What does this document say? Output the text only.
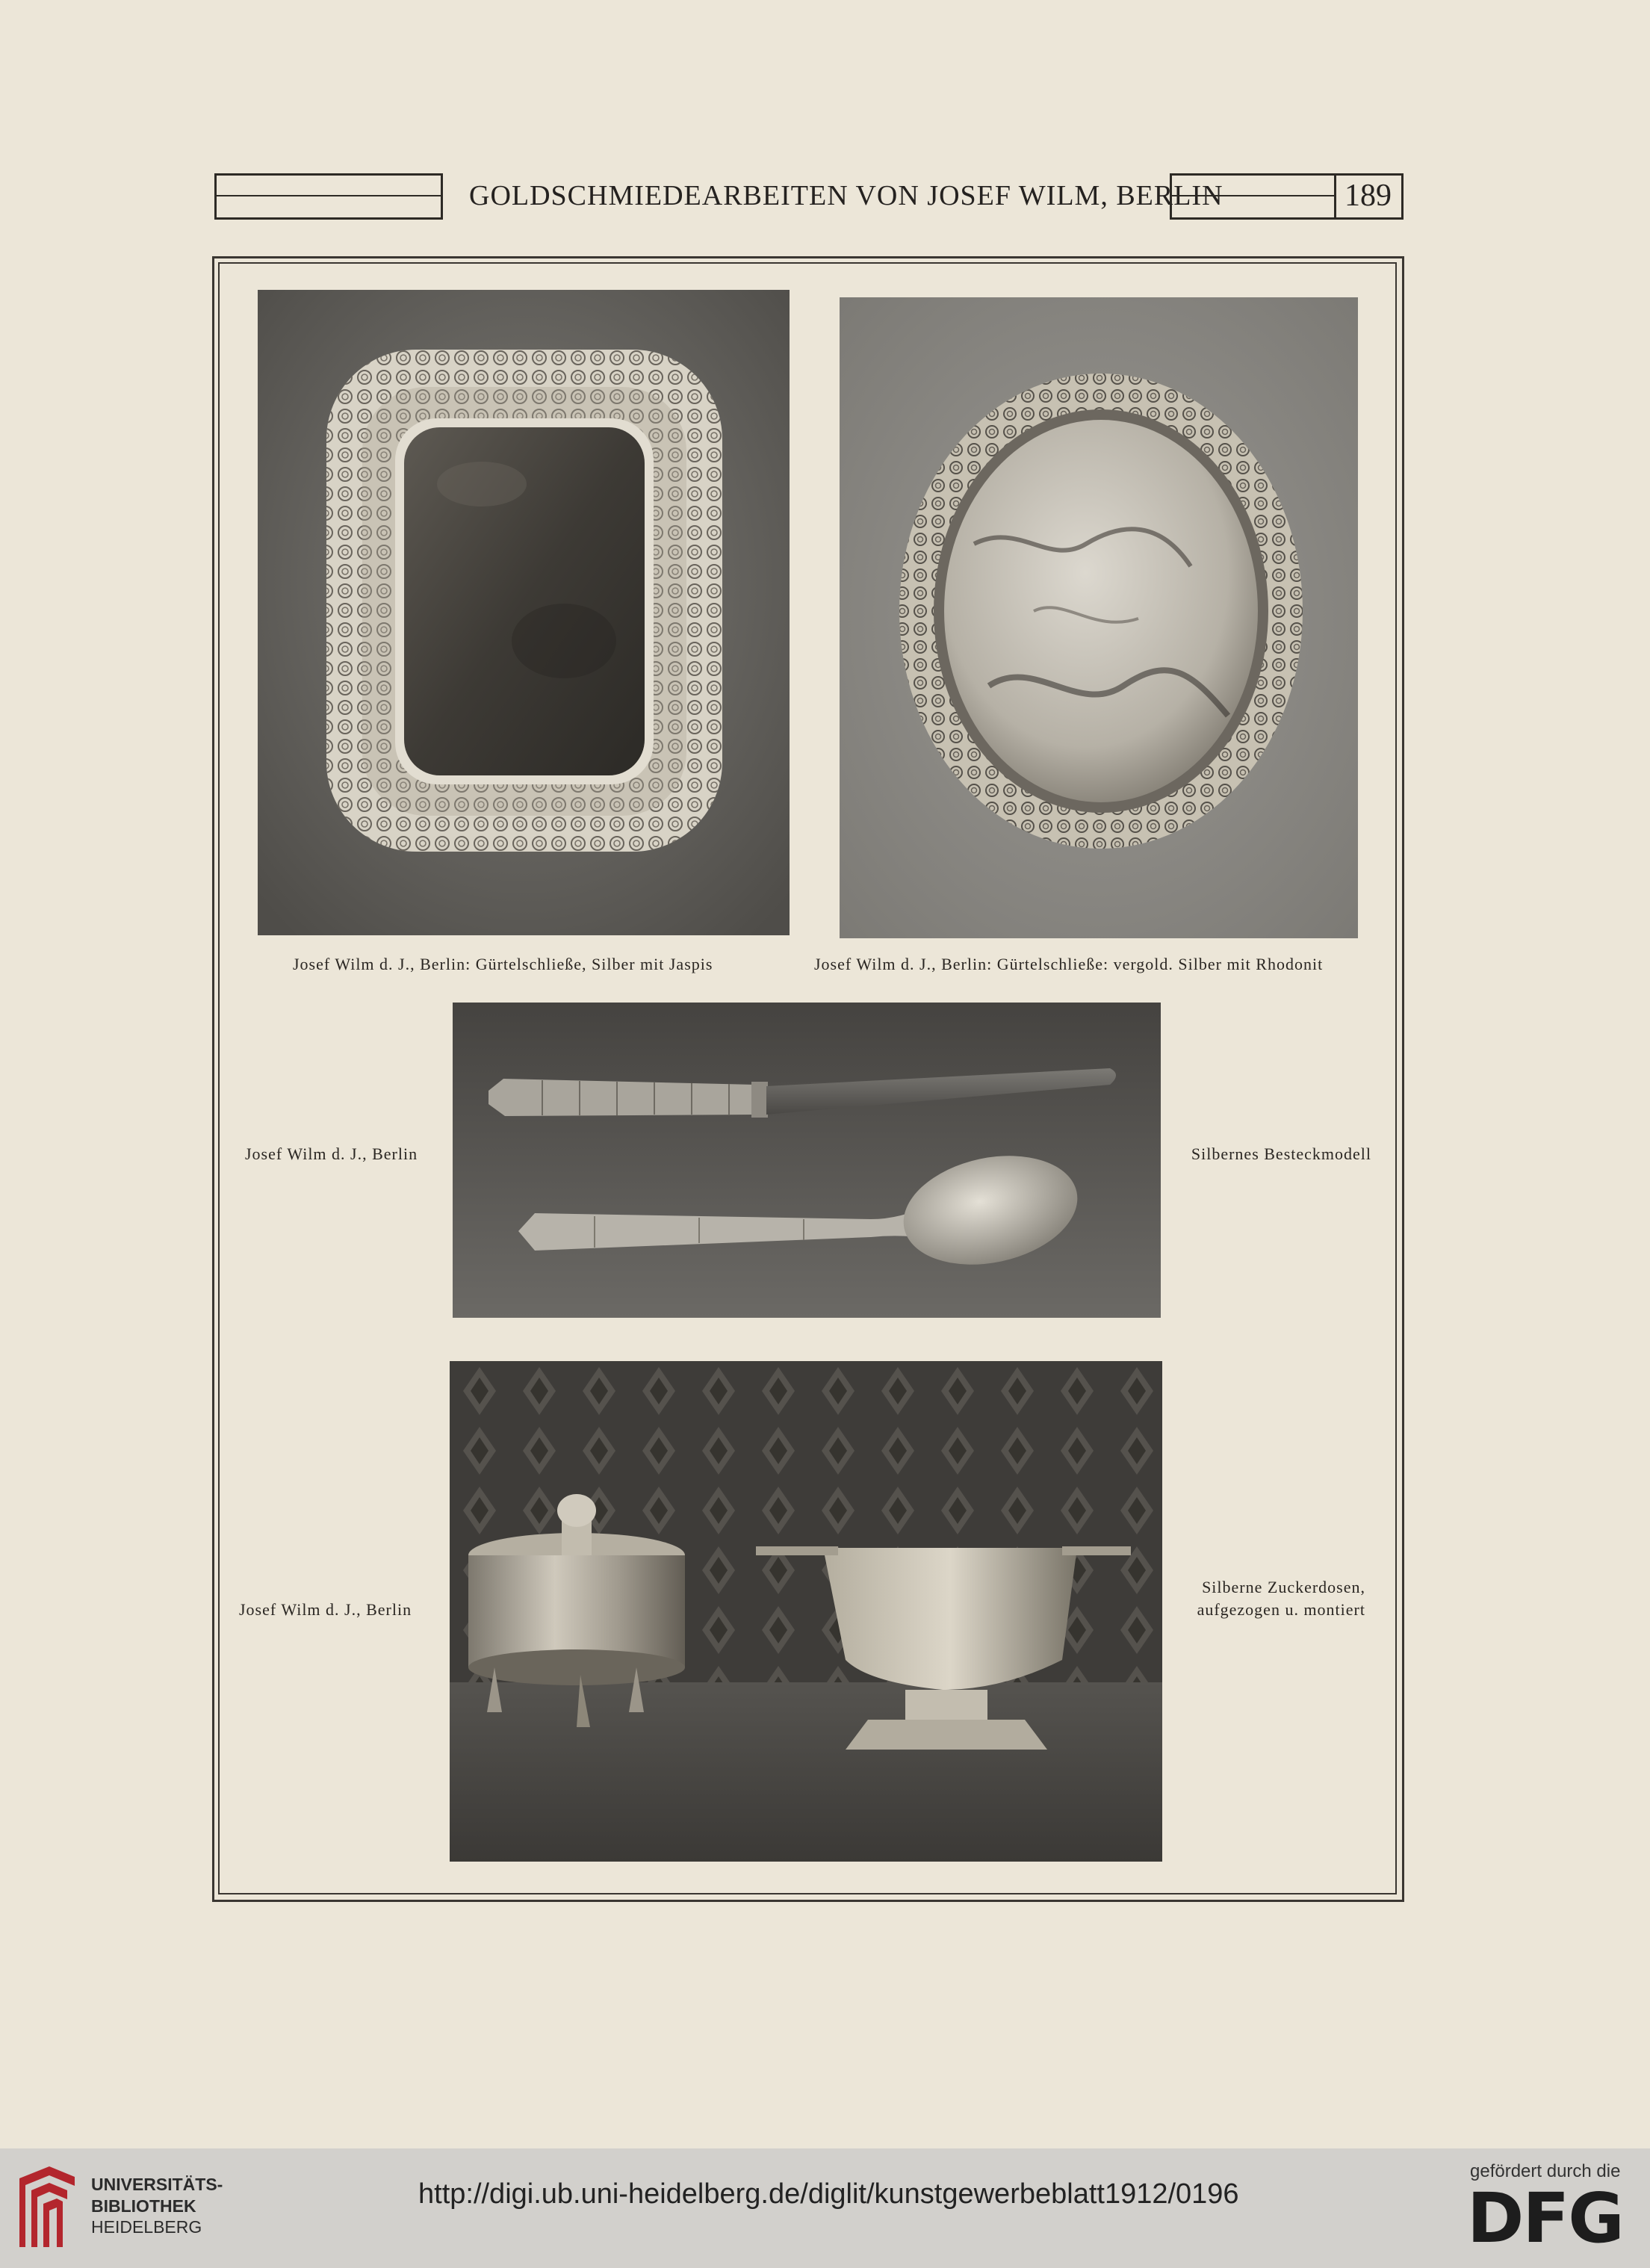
GOLDSCHMIEDEARBEITEN VON JOSEF WILM, BERLIN	189
Josef Wilm d. J., Berlin: Gürtelschließe, Silber mit Jaspis	Josef Wilm d. J., Berlin: Gürtelschließe: vergold. Silber mit Rhodonit
Josef Wilm d. J., Berlin	Silbernes Besteckmodell
Josef Wilm d. J., Berlin
Silberne Zuckerdosen,
aufgezogen u. montiert
UNIVERSITÄTS-
BIBLIOTHEK
HEIDELBERG
http://digi.ub.uni-heidelberg.de/diglit/kunstgewerbeblatt1912/0196
gefördert durch die
DFG
